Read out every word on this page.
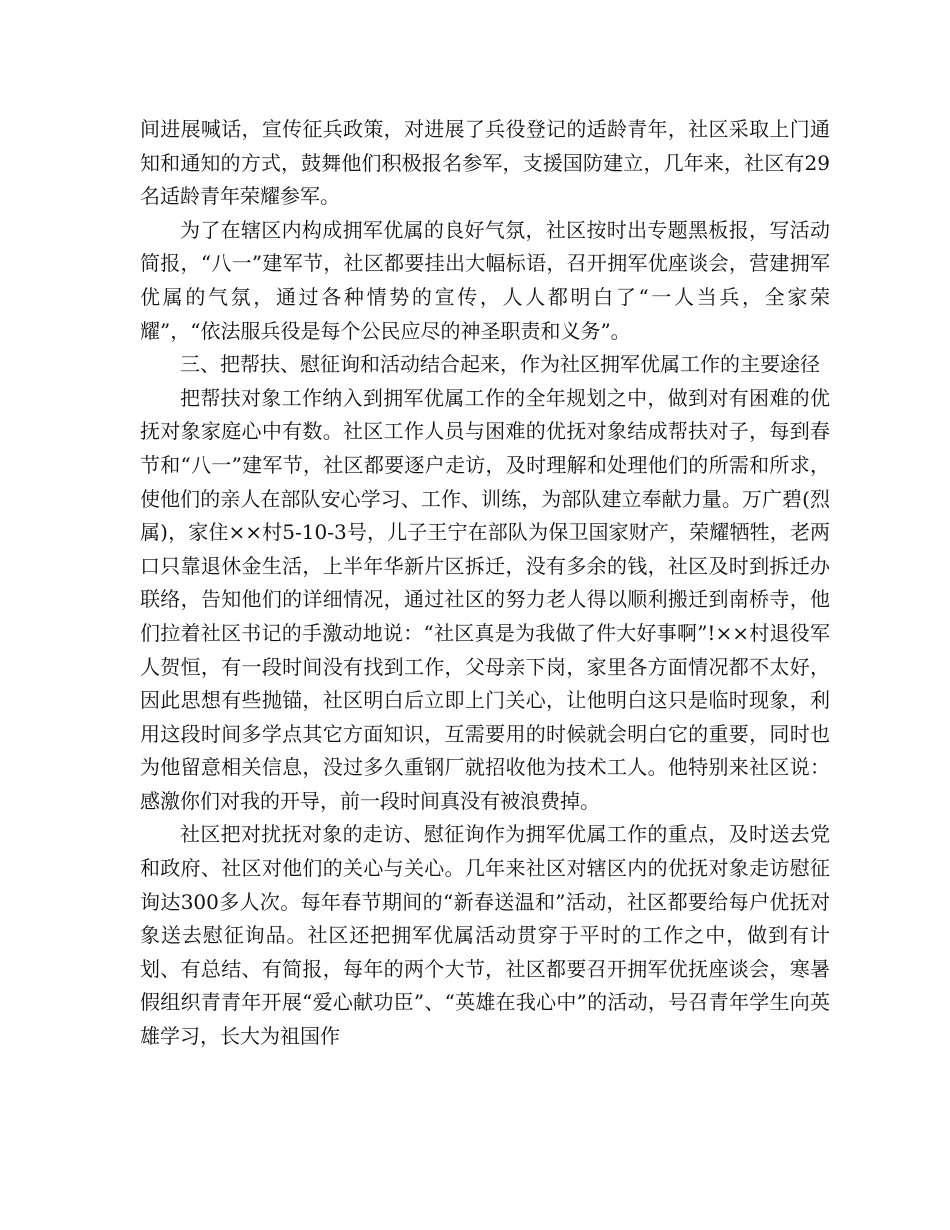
间进展喊话，宣传征兵政策，对进展了兵役登记的适龄青年，社区采取上门通知和通知的方式，鼓舞他们积极报名参军，支援国防建立，几年来，社区有29名适龄青年荣耀参军。

为了在辖区内构成拥军优属的良好气氛，社区按时出专题黑板报，写活动简报，“八一”建军节，社区都要挂出大幅标语，召开拥军优座谈会，营建拥军优属的气氛，通过各种情势的宣传，人人都明白了“一人当兵，全家荣耀”，“依法服兵役是每个公民应尽的神圣职责和义务”。

三、把帮扶、慰征询和活动结合起来，作为社区拥军优属工作的主要途径

把帮扶对象工作纳入到拥军优属工作的全年规划之中，做到对有困难的优抚对象家庭心中有数。社区工作人员与困难的优抚对象结成帮扶对子，每到春节和“八一”建军节，社区都要逐户走访，及时理解和处理他们的所需和所求，使他们的亲人在部队安心学习、工作、训练，为部队建立奉献力量。万广碧(烈属)，家住××村5-10-3号，儿子王宁在部队为保卫国家财产，荣耀牺牲，老两口只靠退休金生活，上半年华新片区拆迁，没有多余的钱，社区及时到拆迁办联络，告知他们的详细情况，通过社区的努力老人得以顺利搬迁到南桥寺，他们拉着社区书记的手激动地说：“社区真是为我做了件大好事啊”!××村退役军人贺恒，有一段时间没有找到工作，父母亲下岗，家里各方面情况都不太好，因此思想有些抛锚，社区明白后立即上门关心，让他明白这只是临时现象，利用这段时间多学点其它方面知识，互需要用的时候就会明白它的重要，同时也为他留意相关信息，没过多久重钢厂就招收他为技术工人。他特别来社区说：感激你们对我的开导，前一段时间真没有被浪费掉。

社区把对扰抚对象的走访、慰征询作为拥军优属工作的重点，及时送去党和政府、社区对他们的关心与关心。几年来社区对辖区内的优抚对象走访慰征询达300多人次。每年春节期间的“新春送温和”活动，社区都要给每户优抚对象送去慰征询品。社区还把拥军优属活动贯穿于平时的工作之中，做到有计划、有总结、有简报，每年的两个大节，社区都要召开拥军优抚座谈会，寒暑假组织青青年开展“爱心献功臣”、“英雄在我心中”的活动，号召青年学生向英雄学习，长大为祖国作
